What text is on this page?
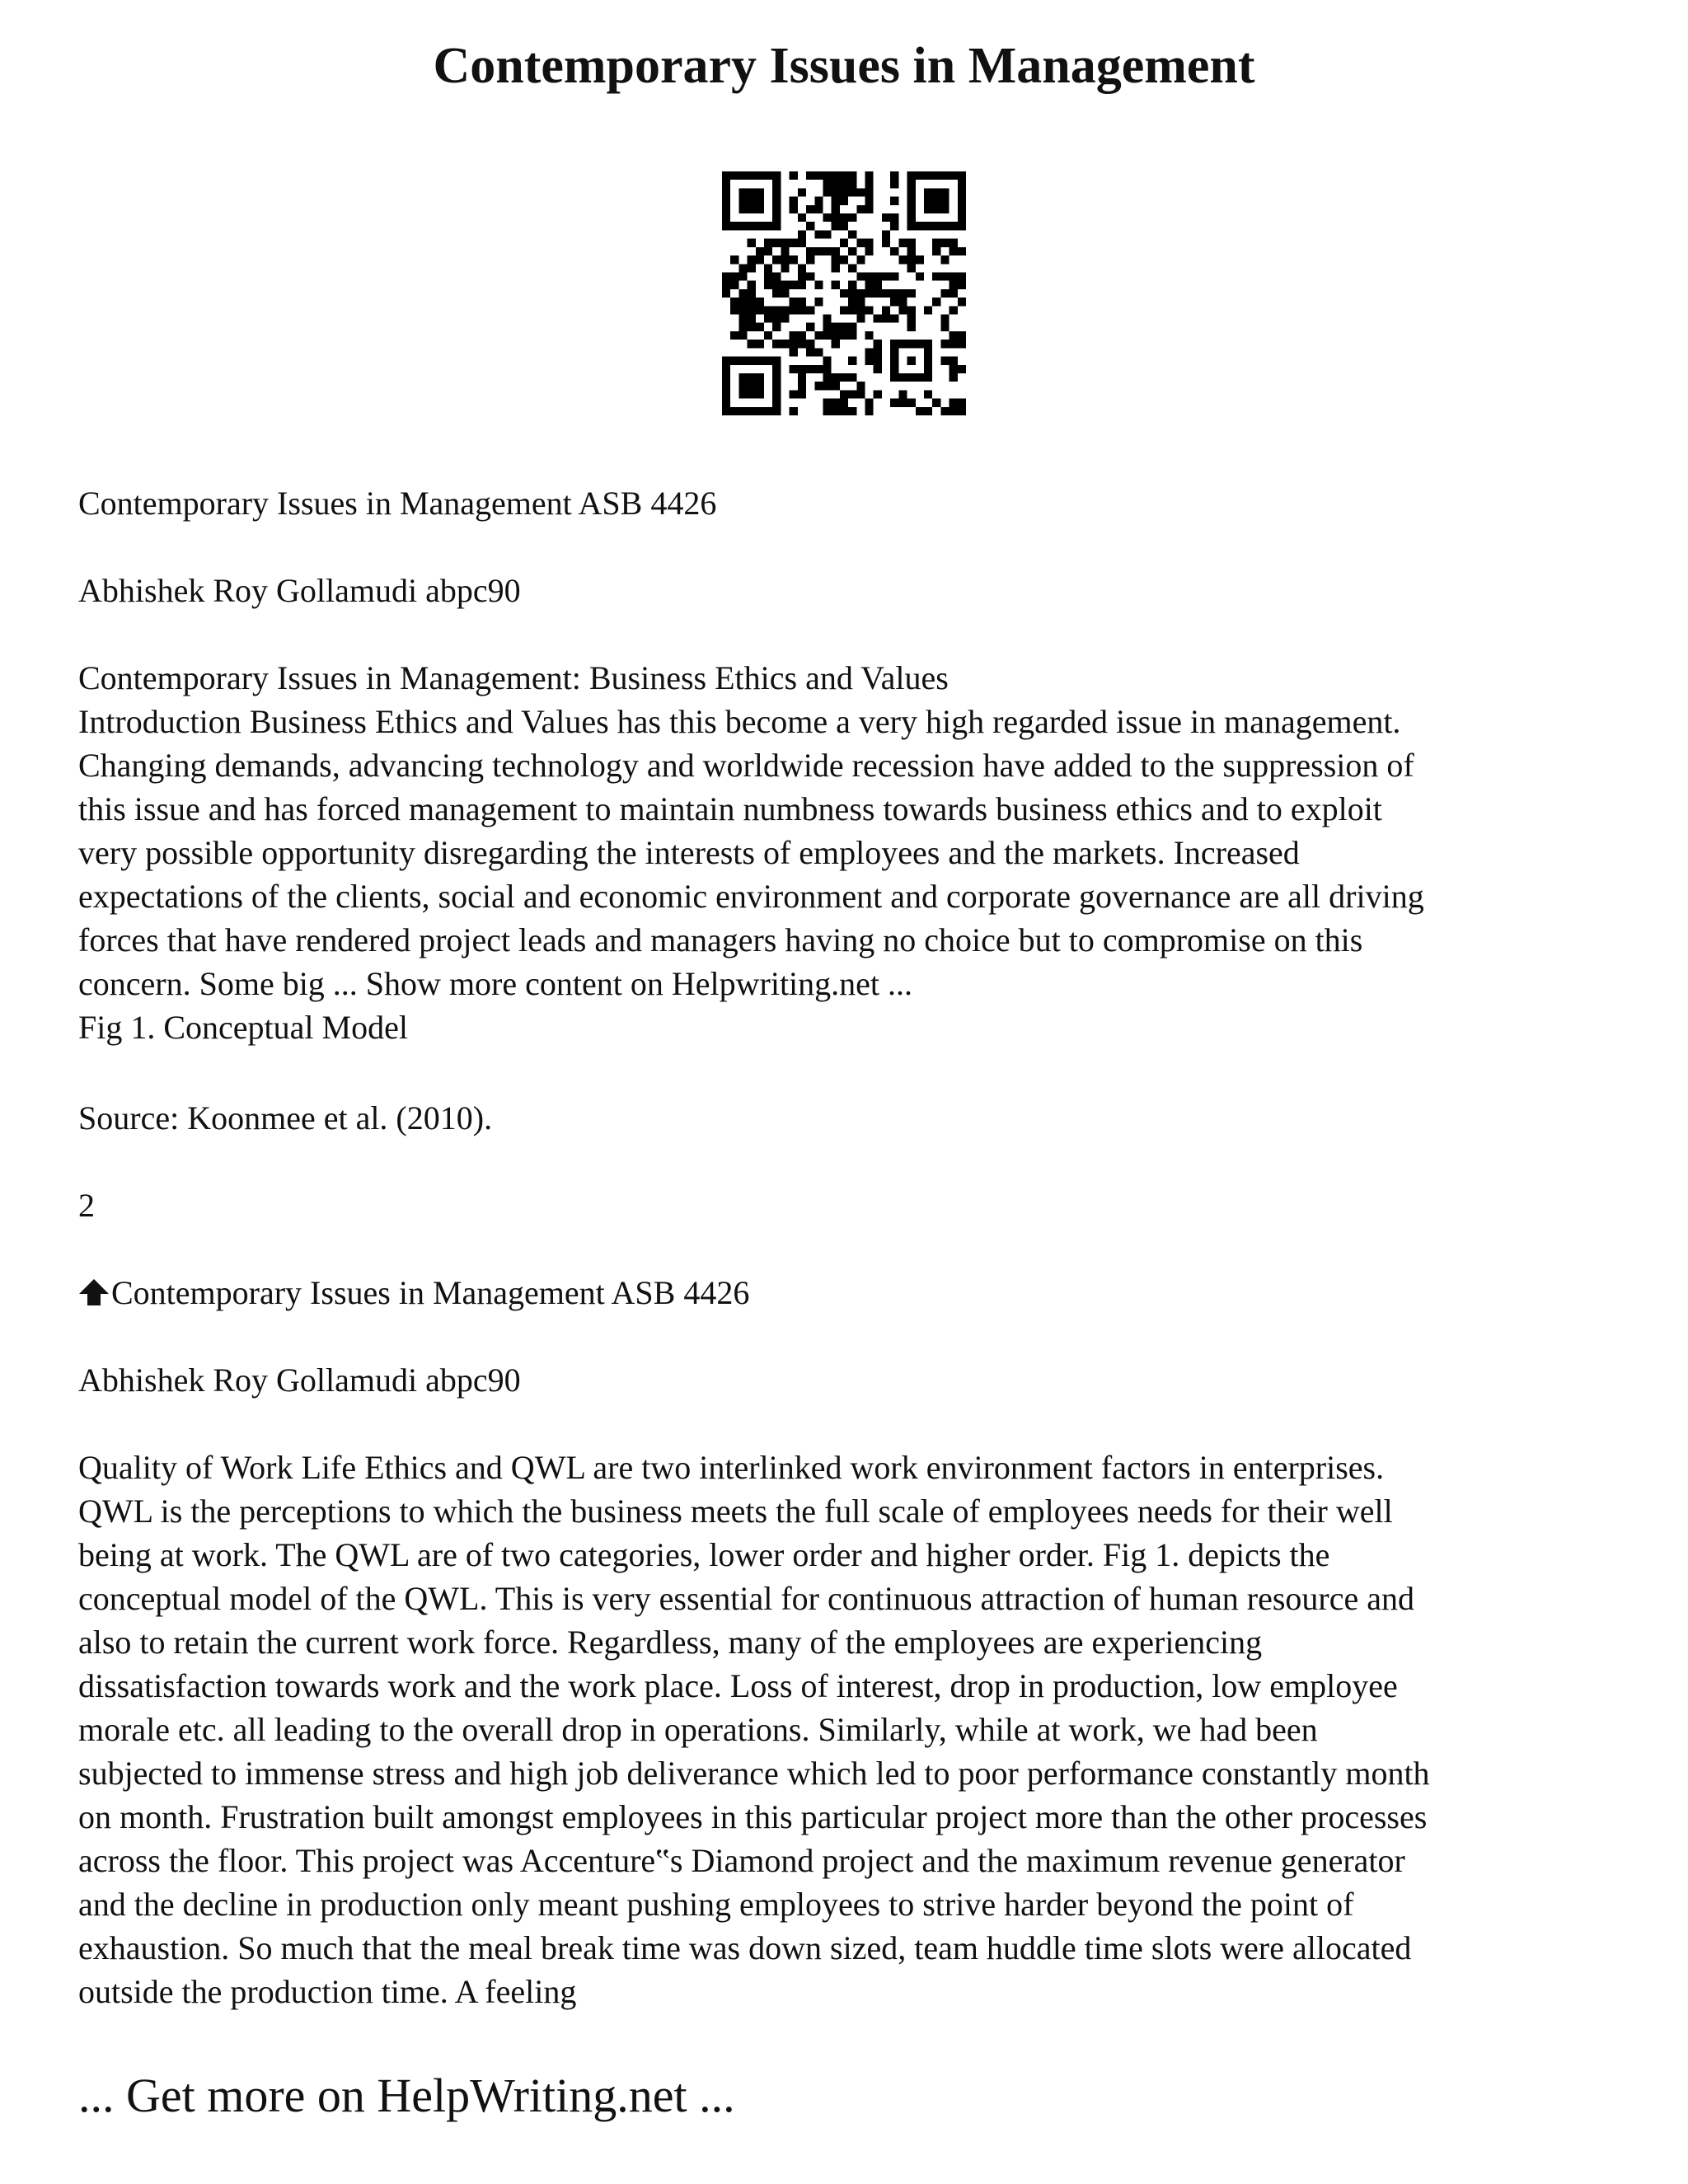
Contemporary Issues in Management

Contemporary Issues in Management ASB 4426

Abhishek Roy Gollamudi abpc90

Contemporary Issues in Management: Business Ethics and Values
Introduction Business Ethics and Values has this become a very high regarded issue in management.
Changing demands, advancing technology and worldwide recession have added to the suppression of
this issue and has forced management to maintain numbness towards business ethics and to exploit
very possible opportunity disregarding the interests of employees and the markets. Increased
expectations of the clients, social and economic environment and corporate governance are all driving
forces that have rendered project leads and managers having no choice but to compromise on this
concern. Some big ... Show more content on Helpwriting.net ...
Fig 1. Conceptual Model

Source: Koonmee et al. (2010).

2

Contemporary Issues in Management ASB 4426

Abhishek Roy Gollamudi abpc90

Quality of Work Life Ethics and QWL are two interlinked work environment factors in enterprises.
QWL is the perceptions to which the business meets the full scale of employees needs for their well
being at work. The QWL are of two categories, lower order and higher order. Fig 1. depicts the
conceptual model of the QWL. This is very essential for continuous attraction of human resource and
also to retain the current work force. Regardless, many of the employees are experiencing
dissatisfaction towards work and the work place. Loss of interest, drop in production, low employee
morale etc. all leading to the overall drop in operations. Similarly, while at work, we had been
subjected to immense stress and high job deliverance which led to poor performance constantly month
on month. Frustration built amongst employees in this particular project more than the other processes
across the floor. This project was Accenture‟s Diamond project and the maximum revenue generator
and the decline in production only meant pushing employees to strive harder beyond the point of
exhaustion. So much that the meal break time was down sized, team huddle time slots were allocated
outside the production time. A feeling

... Get more on HelpWriting.net ...
